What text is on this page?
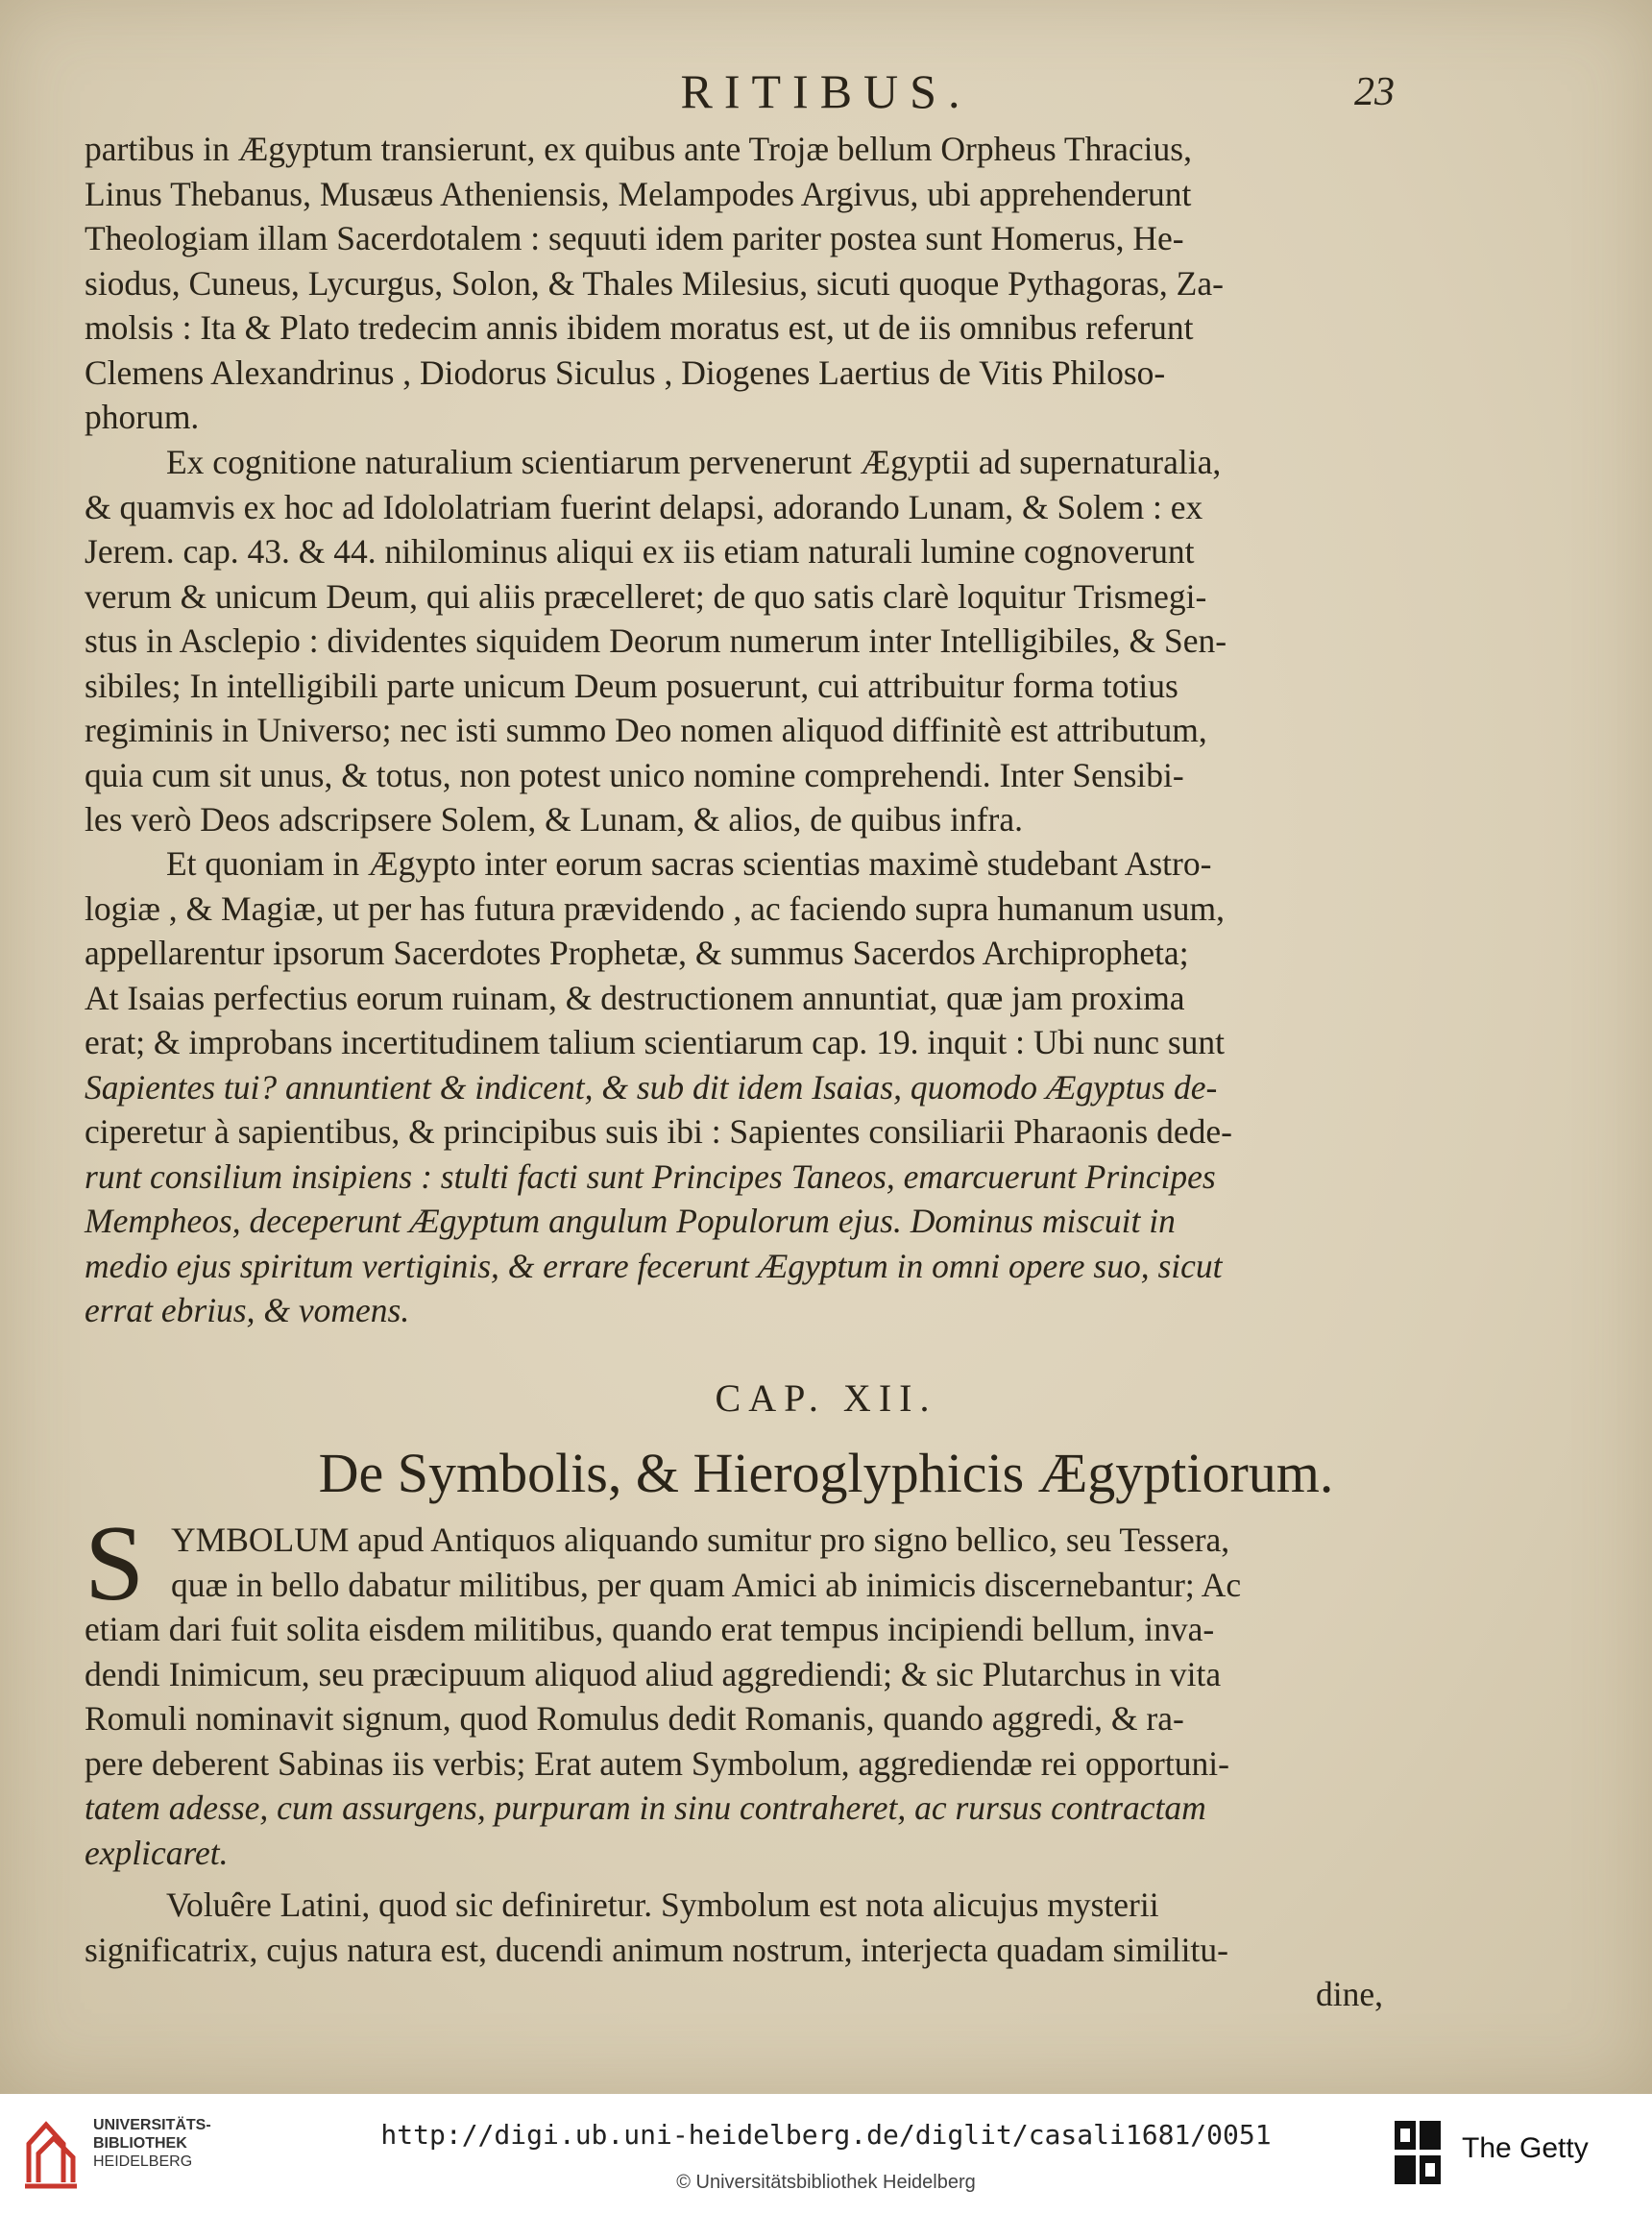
RITIBUS.	23
partibus in Ægyptum transierunt, ex quibus ante Trojæ bellum Orpheus Thracius,
Linus Thebanus, Musæus Atheniensis, Melampodes Argivus, ubi apprehenderunt
Theologiam illam Sacerdotalem : sequuti idem pariter postea sunt Homerus, He-
siodus, Cuneus, Lycurgus, Solon, & Thales Milesius, sicuti quoque Pythagoras, Za-
molsis : Ita & Plato tredecim annis ibidem moratus est, ut de iis omnibus referunt
Clemens Alexandrinus , Diodorus Siculus , Diogenes Laertius de Vitis Philoso-
phorum.
Ex cognitione naturalium scientiarum pervenerunt Ægyptii ad supernaturalia,
& quamvis ex hoc ad Idololatriam fuerint delapsi, adorando Lunam, & Solem : ex
Jerem. cap. 43. & 44. nihilominus aliqui ex iis etiam naturali lumine cognoverunt
verum & unicum Deum, qui aliis præcelleret; de quo satis clarè loquitur Trismegi-
stus in Asclepio : dividentes siquidem Deorum numerum inter Intelligibiles, & Sen-
sibiles; In intelligibili parte unicum Deum posuerunt, cui attribuitur forma totius
regiminis in Universo; nec isti summo Deo nomen aliquod diffinitè est attributum,
quia cum sit unus, & totus, non potest unico nomine comprehendi. Inter Sensibi-
les verò Deos adscripsere Solem, & Lunam, & alios, de quibus infra.
Et quoniam in Ægypto inter eorum sacras scientias maximè studebant Astro-
logiæ , & Magiæ, ut per has futura prævidendo , ac faciendo supra humanum usum,
appellarentur ipsorum Sacerdotes Prophetæ, & summus Sacerdos Archipropheta;
At Isaias perfectius eorum ruinam, & destructionem annuntiat, quæ jam proxima
erat; & improbans incertitudinem talium scientiarum cap. 19. inquit : Ubi nunc sunt
Sapientes tui? annuntient & indicent, & sub dit idem Isaias, quomodo Ægyptus de-
ciperetur à sapientibus, & principibus suis ibi : Sapientes consiliarii Pharaonis dede-
runt consilium insipiens : stulti facti sunt Principes Taneos, emarcuerunt Principes
Mempheos, deceperunt Ægyptum angulum Populorum ejus. Dominus miscuit in
medio ejus spiritum vertiginis, & errare fecerunt Ægyptum in omni opere suo, sicut
errat ebrius, & vomens.
CAP. XII.
De Symbolis, & Hieroglyphicis Ægyptiorum.
S YMBOLUM apud Antiquos aliquando sumitur pro signo bellico, seu Tessera,
quæ in bello dabatur militibus, per quam Amici ab inimicis discernebantur; Ac
etiam dari fuit solita eisdem militibus, quando erat tempus incipiendi bellum, inva-
dendi Inimicum, seu præcipuum aliquod aliud aggrediendi; & sic Plutarchus in vita
Romuli nominavit signum, quod Romulus dedit Romanis, quando aggredi, & ra-
pere deberent Sabinas iis verbis; Erat autem Symbolum, aggrediendæ rei opportuni-
tatem adesse, cum assurgens, purpuram in sinu contraheret, ac rursus contractam
explicaret.
Voluêre Latini, quod sic definiretur. Symbolum est nota alicujus mysterii
significatrix, cujus natura est, ducendi animum nostrum, interjecta quadam similitu-
dine,
UNIVERSITÄTS-
BIBLIOTHEK
HEIDELBERG
http://digi.ub.uni-heidelberg.de/diglit/casali1681/0051
© Universitätsbibliothek Heidelberg
The Getty
